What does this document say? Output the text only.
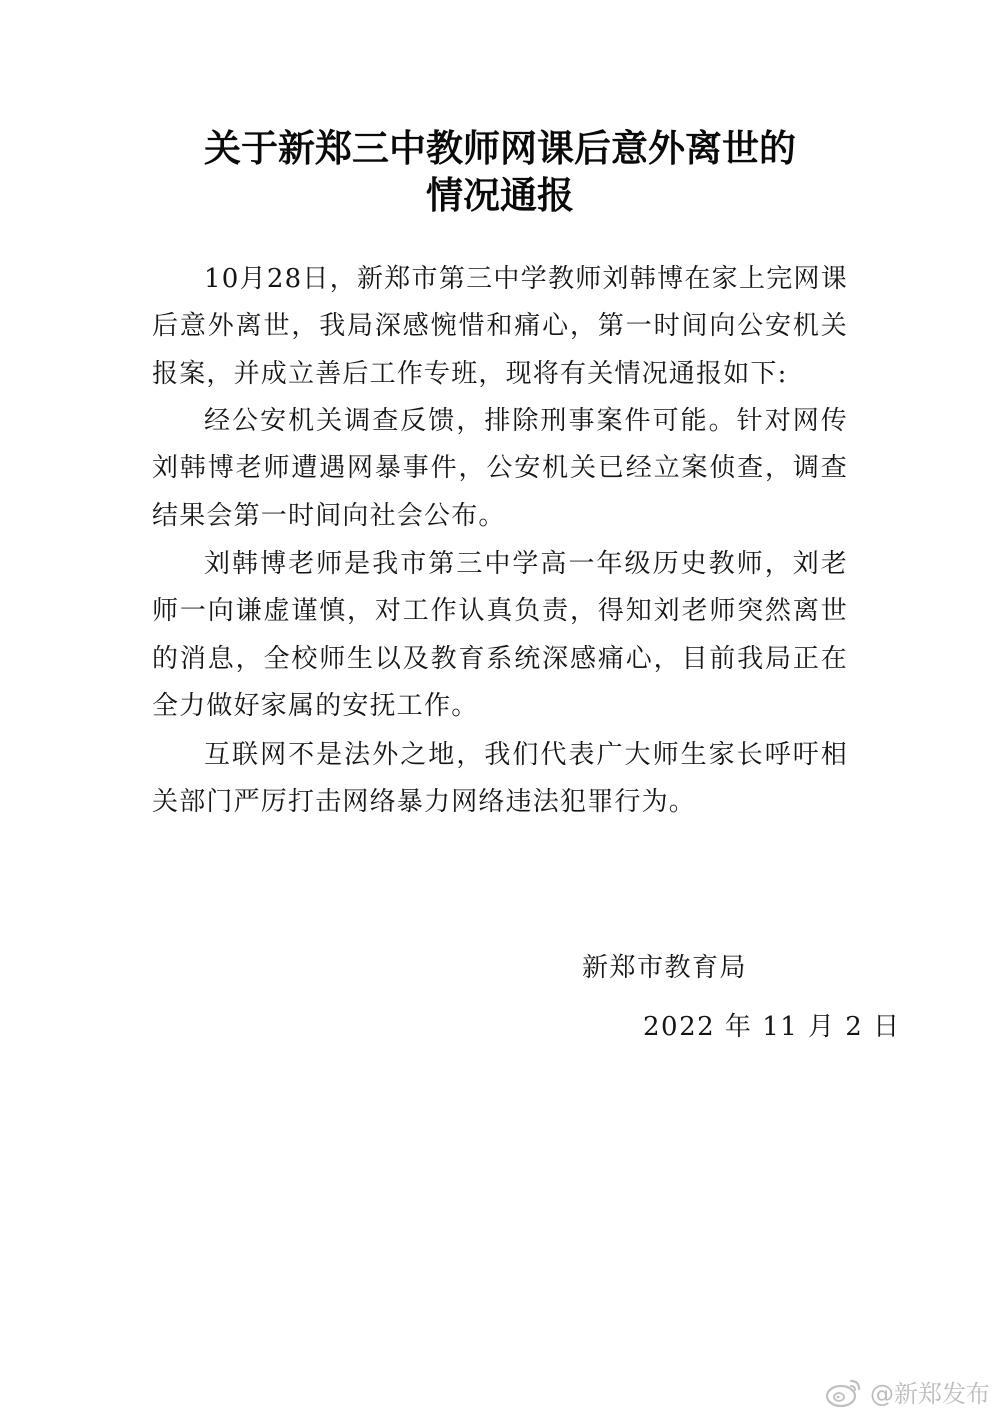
关于新郑三中教师网课后意外离世的
情况通报

10月28日，新郑市第三中学教师刘韩博在家上完网课后意外离世，我局深感惋惜和痛心，第一时间向公安机关报案，并成立善后工作专班，现将有关情况通报如下:

经公安机关调查反馈，排除刑事案件可能。针对网传刘韩博老师遭遇网暴事件，公安机关已经立案侦查，调查结果会第一时间向社会公布。

刘韩博老师是我市第三中学高一年级历史教师，刘老师一向谦虚谨慎，对工作认真负责，得知刘老师突然离世的消息，全校师生以及教育系统深感痛心，目前我局正在全力做好家属的安抚工作。

互联网不是法外之地，我们代表广大师生家长呼吁相关部门严厉打击网络暴力网络违法犯罪行为。

新郑市教育局
2022 年 11 月 2 日
@新郑发布
